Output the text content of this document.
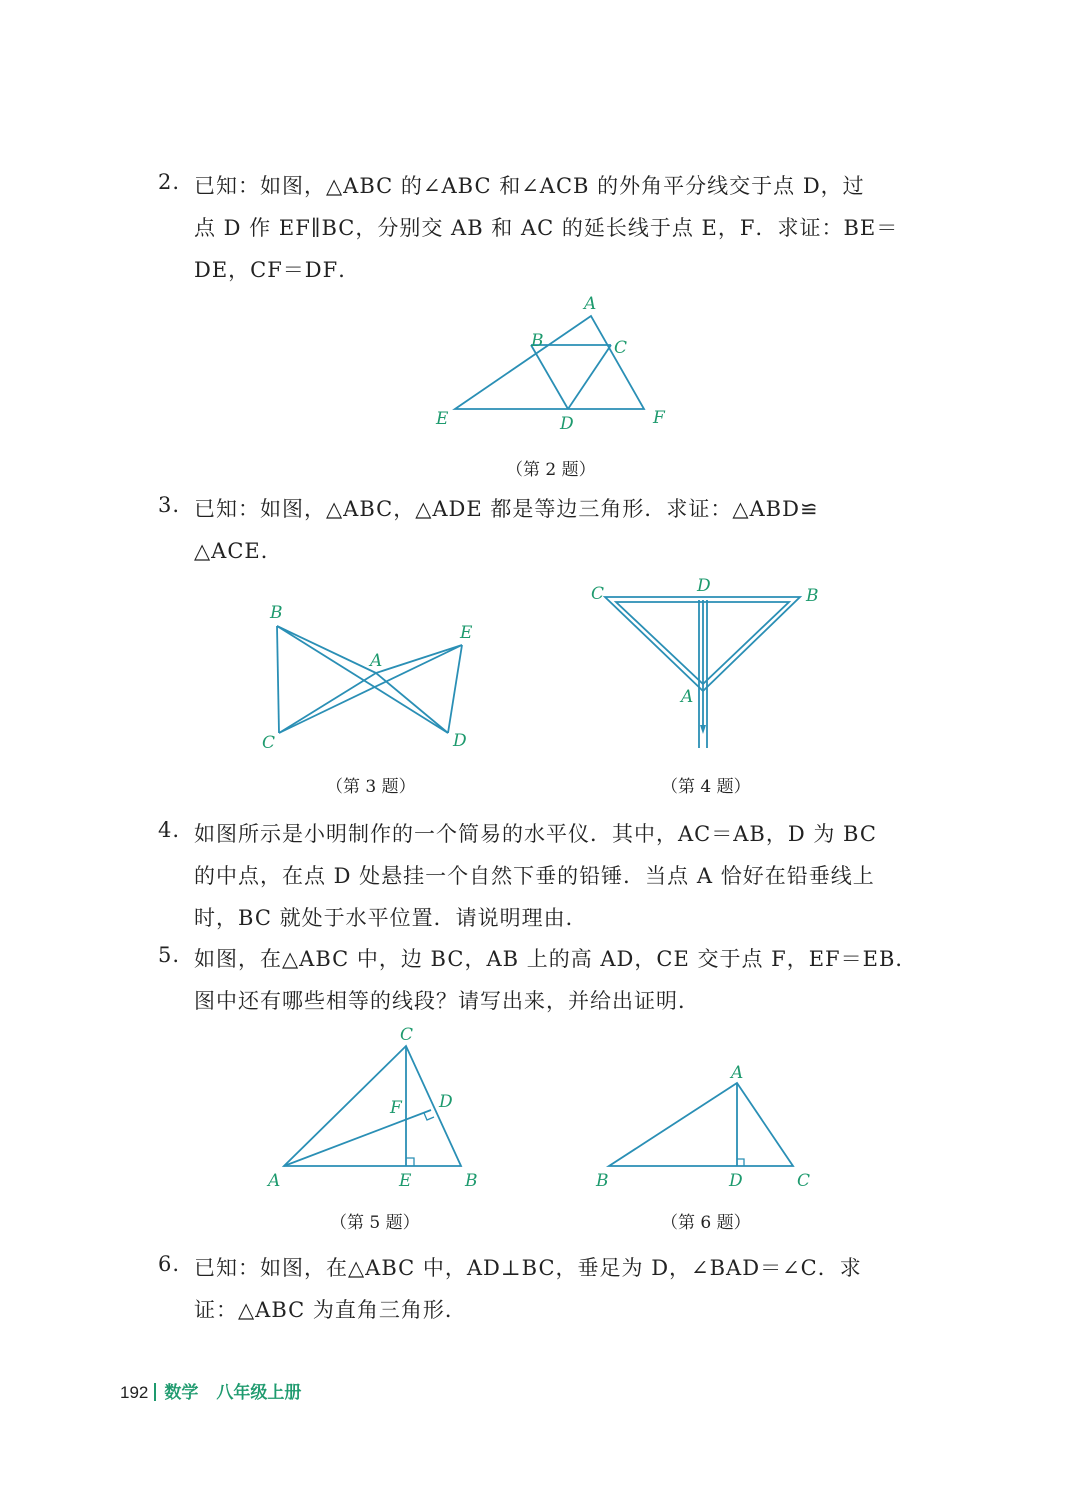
2. 已知：如图，△ABC 的∠ABC 和∠ACB 的外角平分线交于点 D，过
点 D 作 EF∥BC，分别交 AB 和 AC 的延长线于点 E，F．求证：BE＝
DE，CF＝DF．
A
B	C
E	D	F
（第 2 题）
3. 已知：如图，△ABC，△ADE 都是等边三角形．求证：△ABD≌
△ACE．
B
A
E
C	D
（第 3 题）
D
C	B
A
（第 4 题）
4. 如图所示是小明制作的一个简易的水平仪．其中，AC＝AB，D 为 BC
的中点，在点 D 处悬挂一个自然下垂的铅锤．当点 A 恰好在铅垂线上
时，BC 就处于水平位置．请说明理由．
5. 如图，在△ABC 中，边 BC，AB 上的高 AD，CE 交于点 F，EF＝EB．
图中还有哪些相等的线段？请写出来，并给出证明．
C
D
F
A	E	B
（第 5 题）
A
B	D	C
（第 6 题）
6. 已知：如图，在△ABC 中，AD⊥BC，垂足为 D，∠BAD＝∠C．求
证：△ABC 为直角三角形．
192 数学 八年级上册
